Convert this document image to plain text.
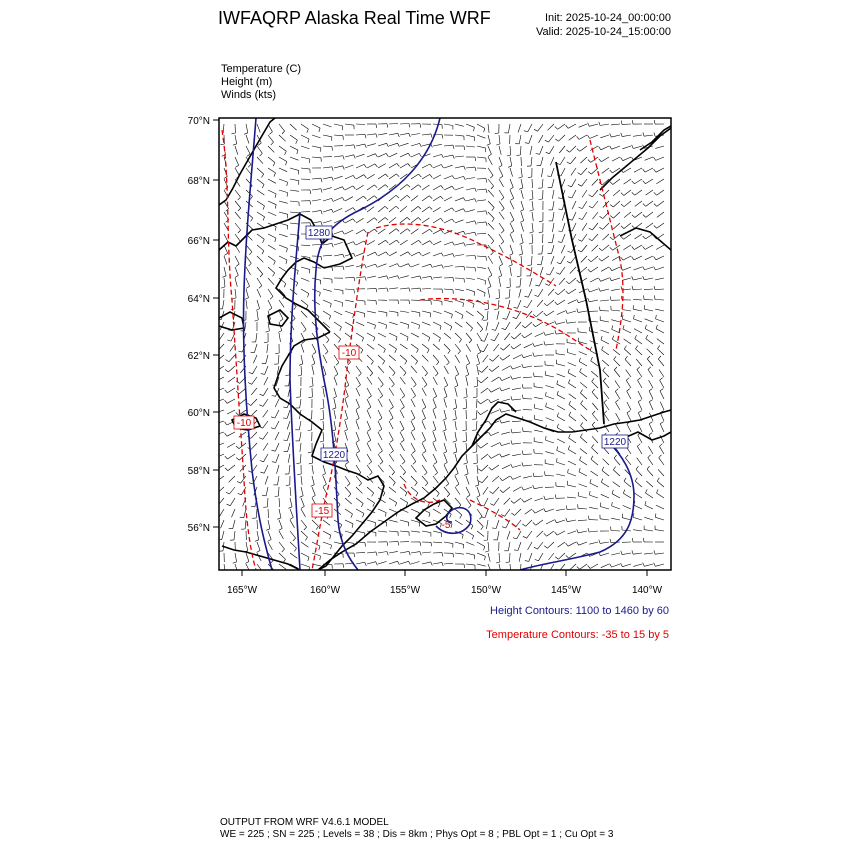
IWFAQRP Alaska Real Time WRF	Init: 2025-10-24_00:00:00
Valid: 2025-10-24_15:00:00
Temperature (C)
Height (m)
Winds (kts)
1280
1220
1220
-10
-10
-15
-5
70°N
68°N
66°N
64°N
62°N
60°N
58°N
56°N
165°W	160°W	155°W	150°W	145°W	140°W
Height Contours: 1100 to 1460 by 60
Temperature Contours: -35 to 15 by 5
OUTPUT FROM WRF V4.6.1 MODEL
WE = 225 ; SN = 225 ; Levels = 38 ; Dis = 8km ; Phys Opt = 8 ; PBL Opt = 1 ; Cu Opt = 3
